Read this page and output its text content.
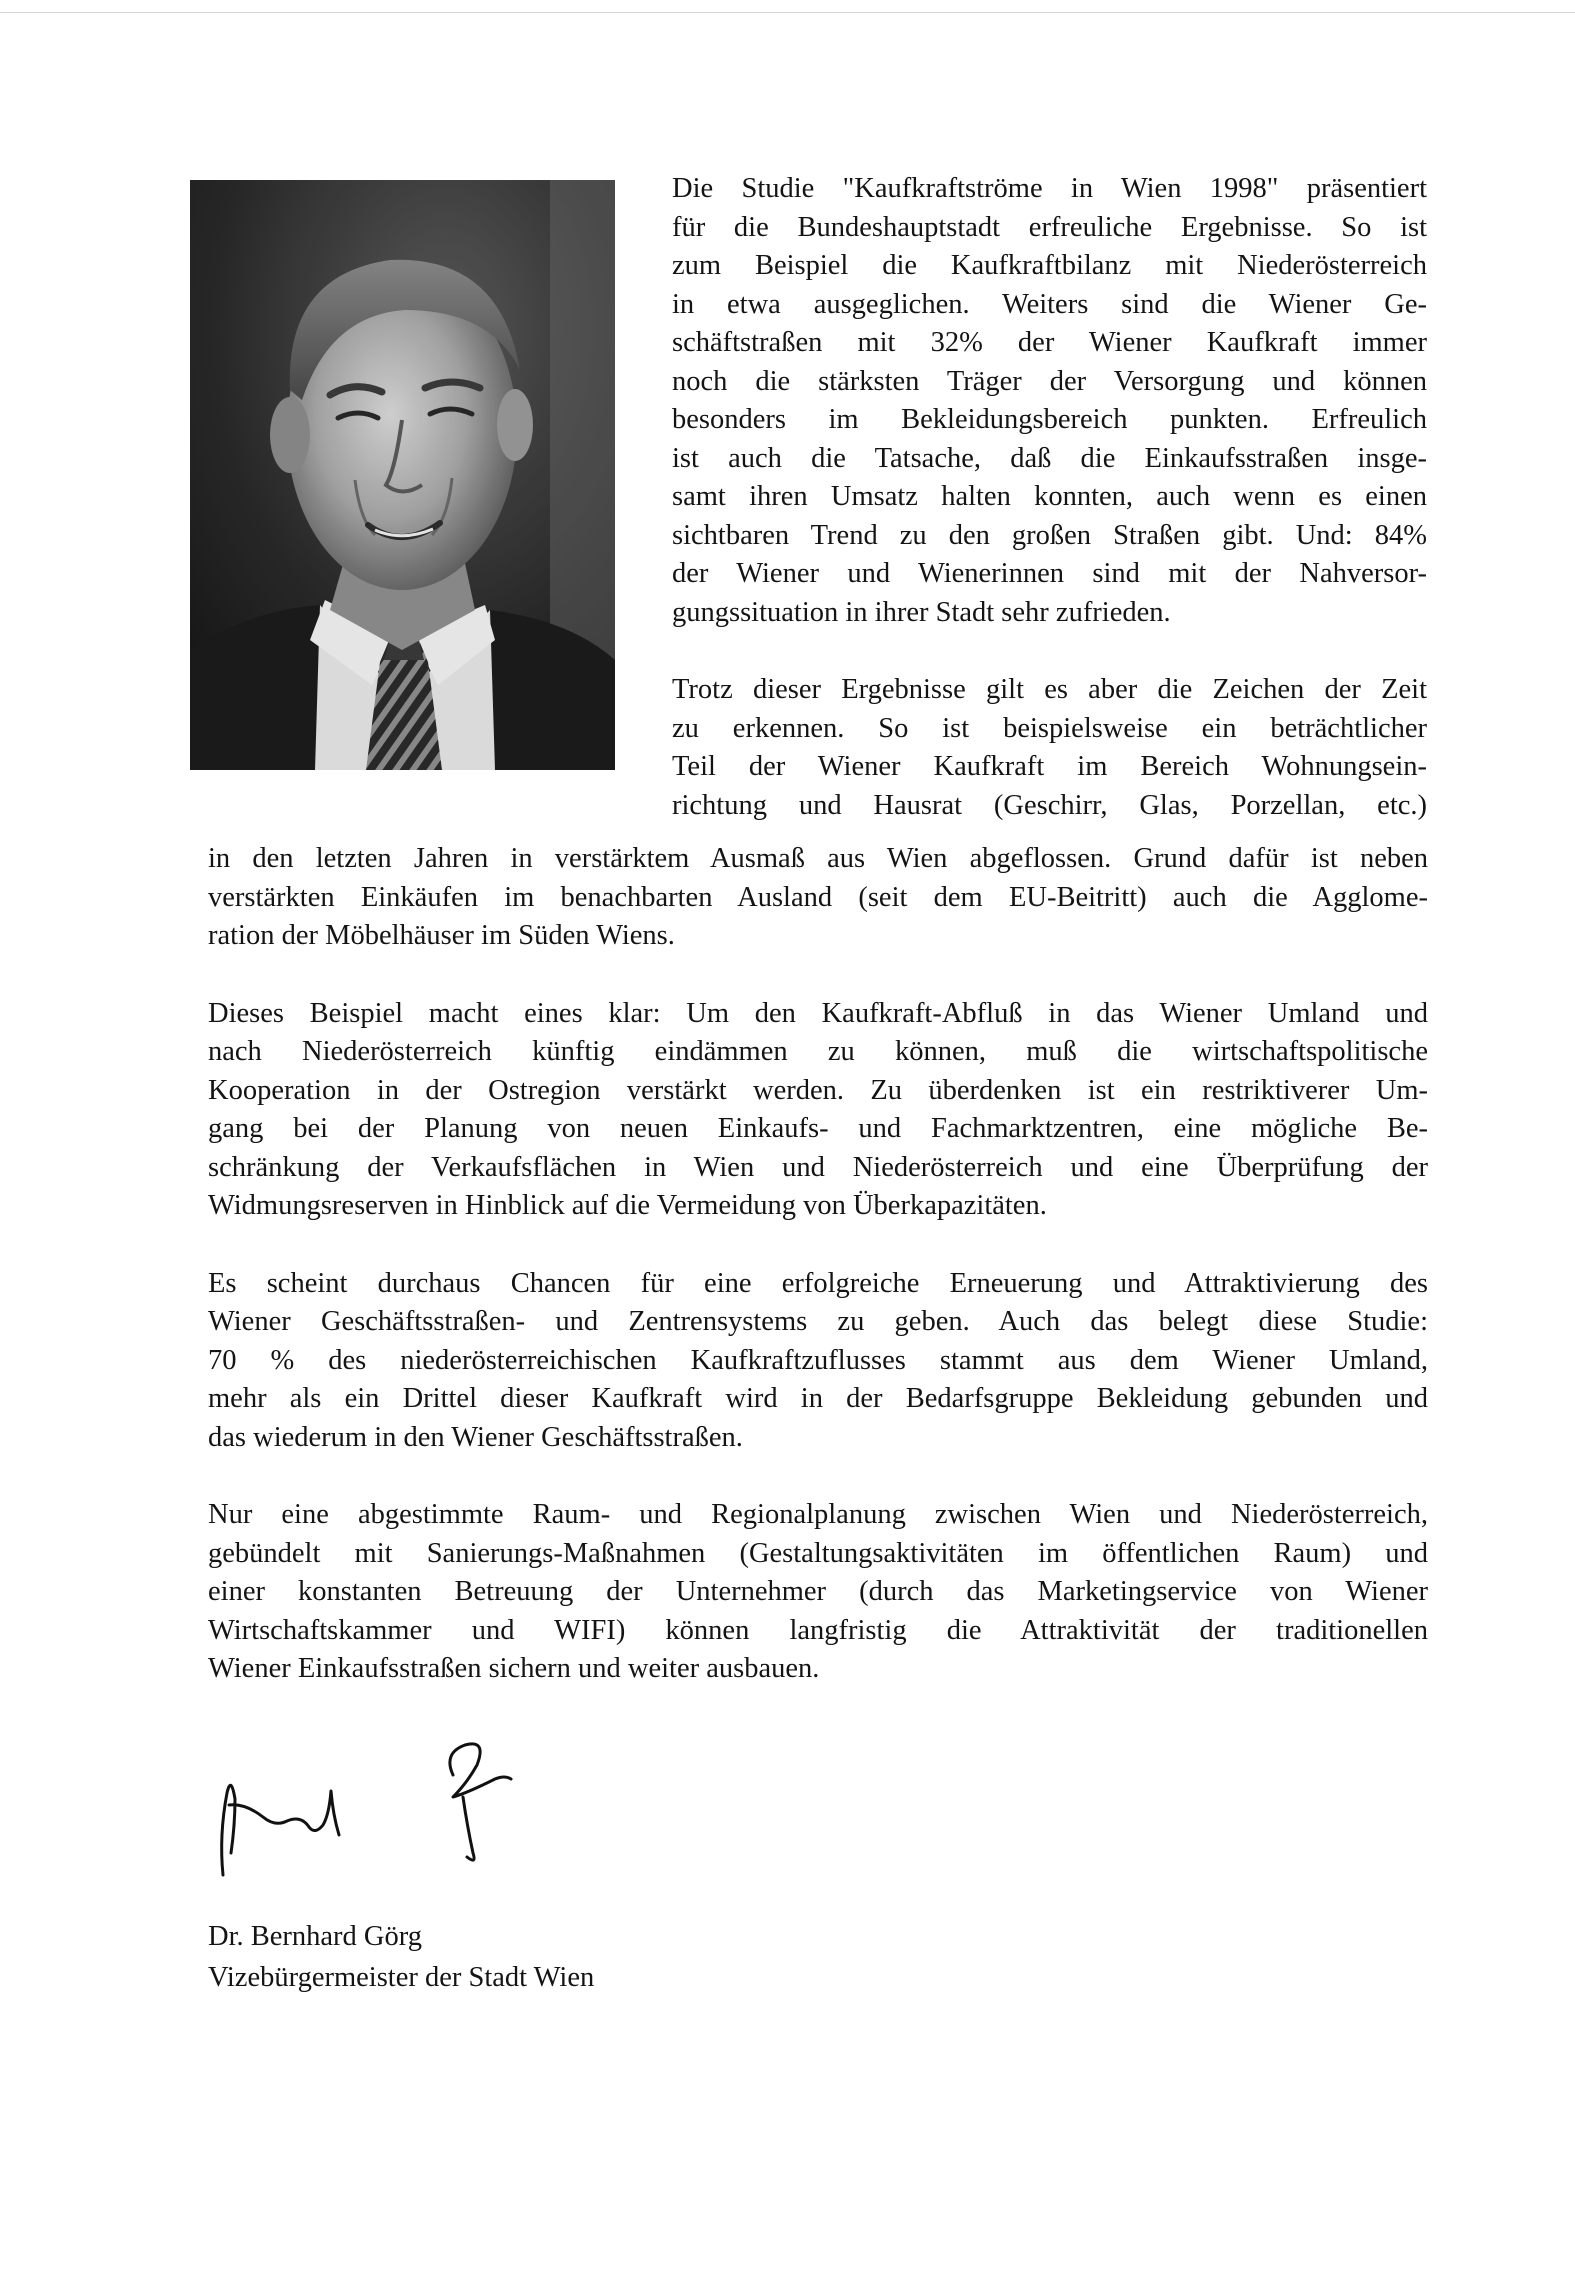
Die Studie "Kaufkraftströme in Wien 1998" präsentiert

für die Bundeshauptstadt erfreuliche Ergebnisse. So ist

zum Beispiel die Kaufkraftbilanz mit Niederösterreich

in etwa ausgeglichen. Weiters sind die Wiener Ge-

schäftstraßen mit 32% der Wiener Kaufkraft immer

noch die stärksten Träger der Versorgung und können

besonders im Bekleidungsbereich punkten. Erfreulich

ist auch die Tatsache, daß die Einkaufsstraßen insge-

samt ihren Umsatz halten konnten, auch wenn es einen

sichtbaren Trend zu den großen Straßen gibt. Und: 84%

der Wiener und Wienerinnen sind mit der Nahversor-

gungssituation in ihrer Stadt sehr zufrieden.

Trotz dieser Ergebnisse gilt es aber die Zeichen der Zeit

zu erkennen. So ist beispielsweise ein beträchtlicher

Teil der Wiener Kaufkraft im Bereich Wohnungsein-

richtung und Hausrat (Geschirr, Glas, Porzellan, etc.)

in den letzten Jahren in verstärktem Ausmaß aus Wien abgeflossen. Grund dafür ist neben

verstärkten Einkäufen im benachbarten Ausland (seit dem EU-Beitritt) auch die Agglome-

ration der Möbelhäuser im Süden Wiens.

Dieses Beispiel macht eines klar: Um den Kaufkraft-Abfluß in das Wiener Umland und

nach Niederösterreich künftig eindämmen zu können, muß die wirtschaftspolitische

Kooperation in der Ostregion verstärkt werden. Zu überdenken ist ein restriktiverer Um-

gang bei der Planung von neuen Einkaufs- und Fachmarktzentren, eine mögliche Be-

schränkung der Verkaufsflächen in Wien und Niederösterreich und eine Überprüfung der

Widmungsreserven in Hinblick auf die Vermeidung von Überkapazitäten.

Es scheint durchaus Chancen für eine erfolgreiche Erneuerung und Attraktivierung des

Wiener Geschäftsstraßen- und Zentrensystems zu geben. Auch das belegt diese Studie:

70 % des niederösterreichischen Kaufkraftzuflusses stammt aus dem Wiener Umland,

mehr als ein Drittel dieser Kaufkraft wird in der Bedarfsgruppe Bekleidung gebunden und

das wiederum in den Wiener Geschäftsstraßen.

Nur eine abgestimmte Raum- und Regionalplanung zwischen Wien und Niederösterreich,

gebündelt mit Sanierungs-Maßnahmen (Gestaltungsaktivitäten im öffentlichen Raum) und

einer konstanten Betreuung der Unternehmer (durch das Marketingservice von Wiener

Wirtschaftskammer und WIFI) können langfristig die Attraktivität der traditionellen

Wiener Einkaufsstraßen sichern und weiter ausbauen.

Dr. Bernhard Görg

Vizebürgermeister der Stadt Wien
